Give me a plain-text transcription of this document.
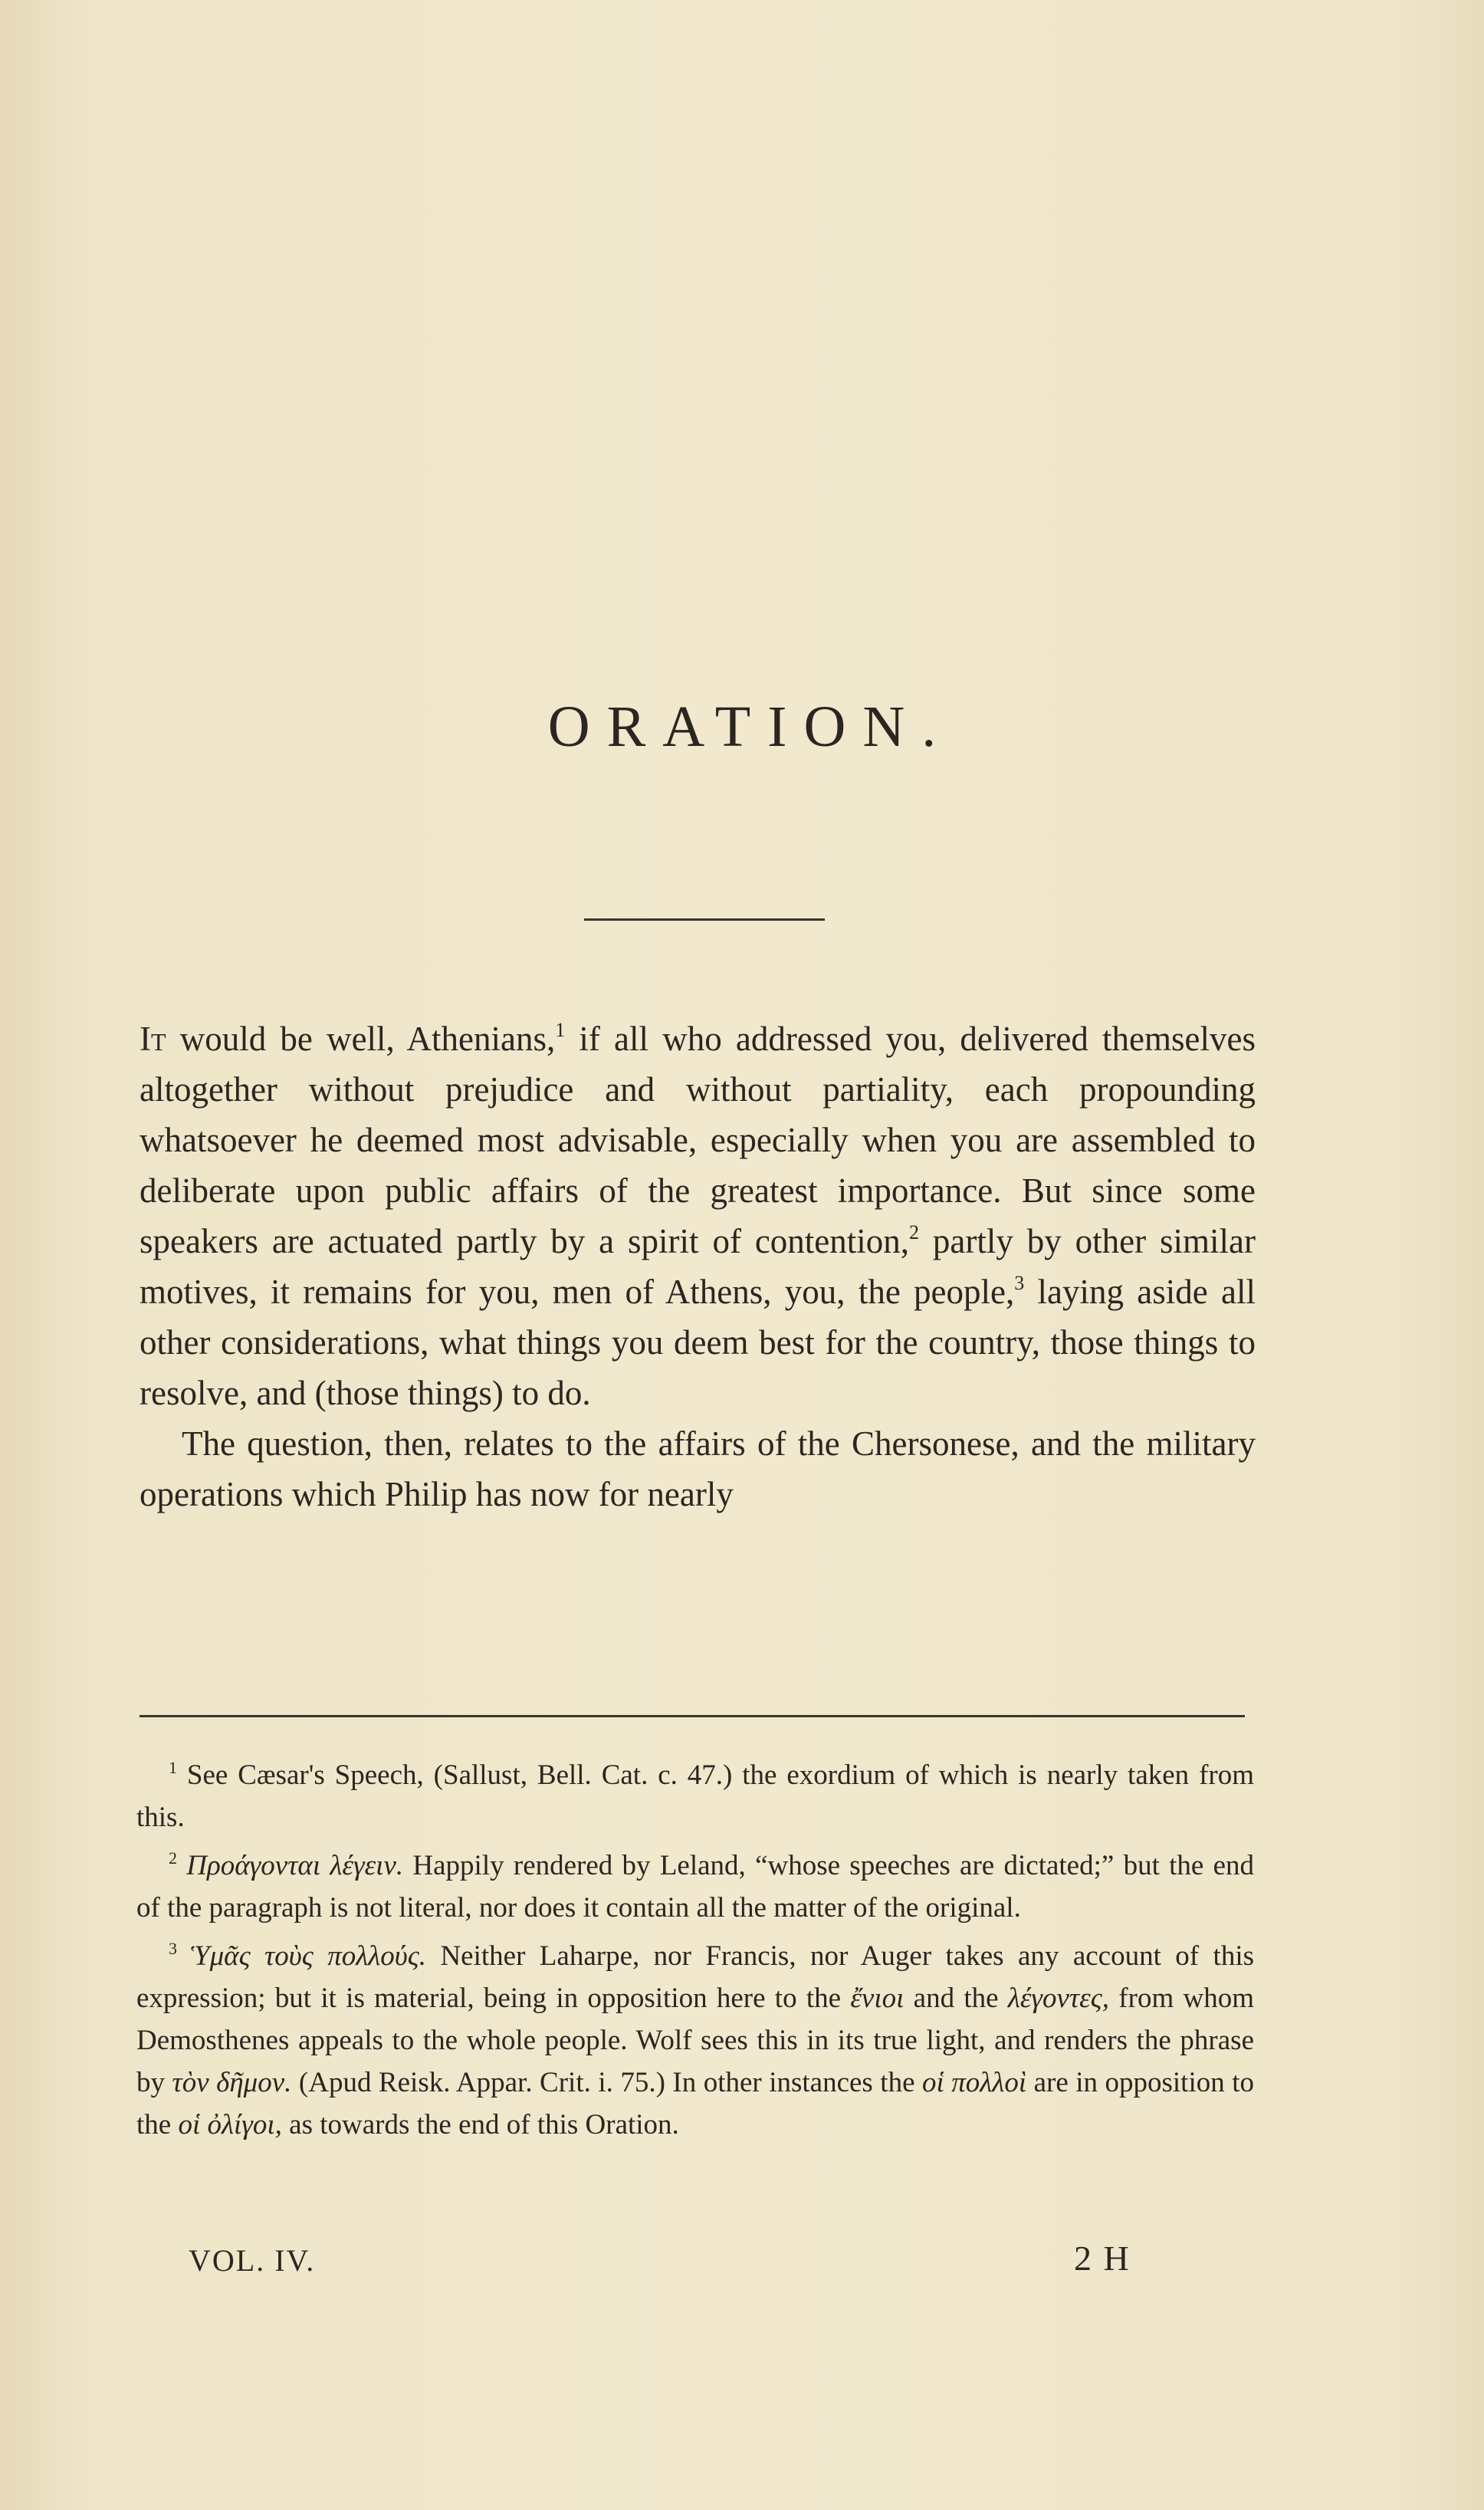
ORATION.

It would be well, Athenians,$^1$ if all who addressed you, delivered themselves altogether without prejudice and without partiality, each propounding whatsoever he deemed most advisable, especially when you are assembled to deliberate upon public affairs of the greatest importance. But since some speakers are actuated partly by a spirit of contention,$^2$ partly by other similar motives, it remains for you, men of Athens, you, the people,$^3$ laying aside all other considerations, what things you deem best for the country, those things to resolve, and (those things) to do.

The question, then, relates to the affairs of the Chersonese, and the military operations which Philip has now for nearly

$^1$ See Cæsar's Speech, (Sallust, Bell. Cat. c. 47.) the exordium of which is nearly taken from this.

$^2$ Προάγονται λέγειν. Happily rendered by Leland, “whose speeches are dictated;” but the end of the paragraph is not literal, nor does it contain all the matter of the original.

$^3$ Ὑμᾶς τοὺς πολλούς. Neither Laharpe, nor Francis, nor Auger takes any account of this expression; but it is material, being in opposition here to the ἔνιοι and the λέγοντες, from whom Demosthenes appeals to the whole people. Wolf sees this in its true light, and renders the phrase by τὸν δῆμον. (Apud Reisk. Appar. Crit. i. 75.) In other instances the οἱ πολλοὶ are in opposition to the οἱ ὀλίγοι, as towards the end of this Oration.

VOL. IV.	2 H
